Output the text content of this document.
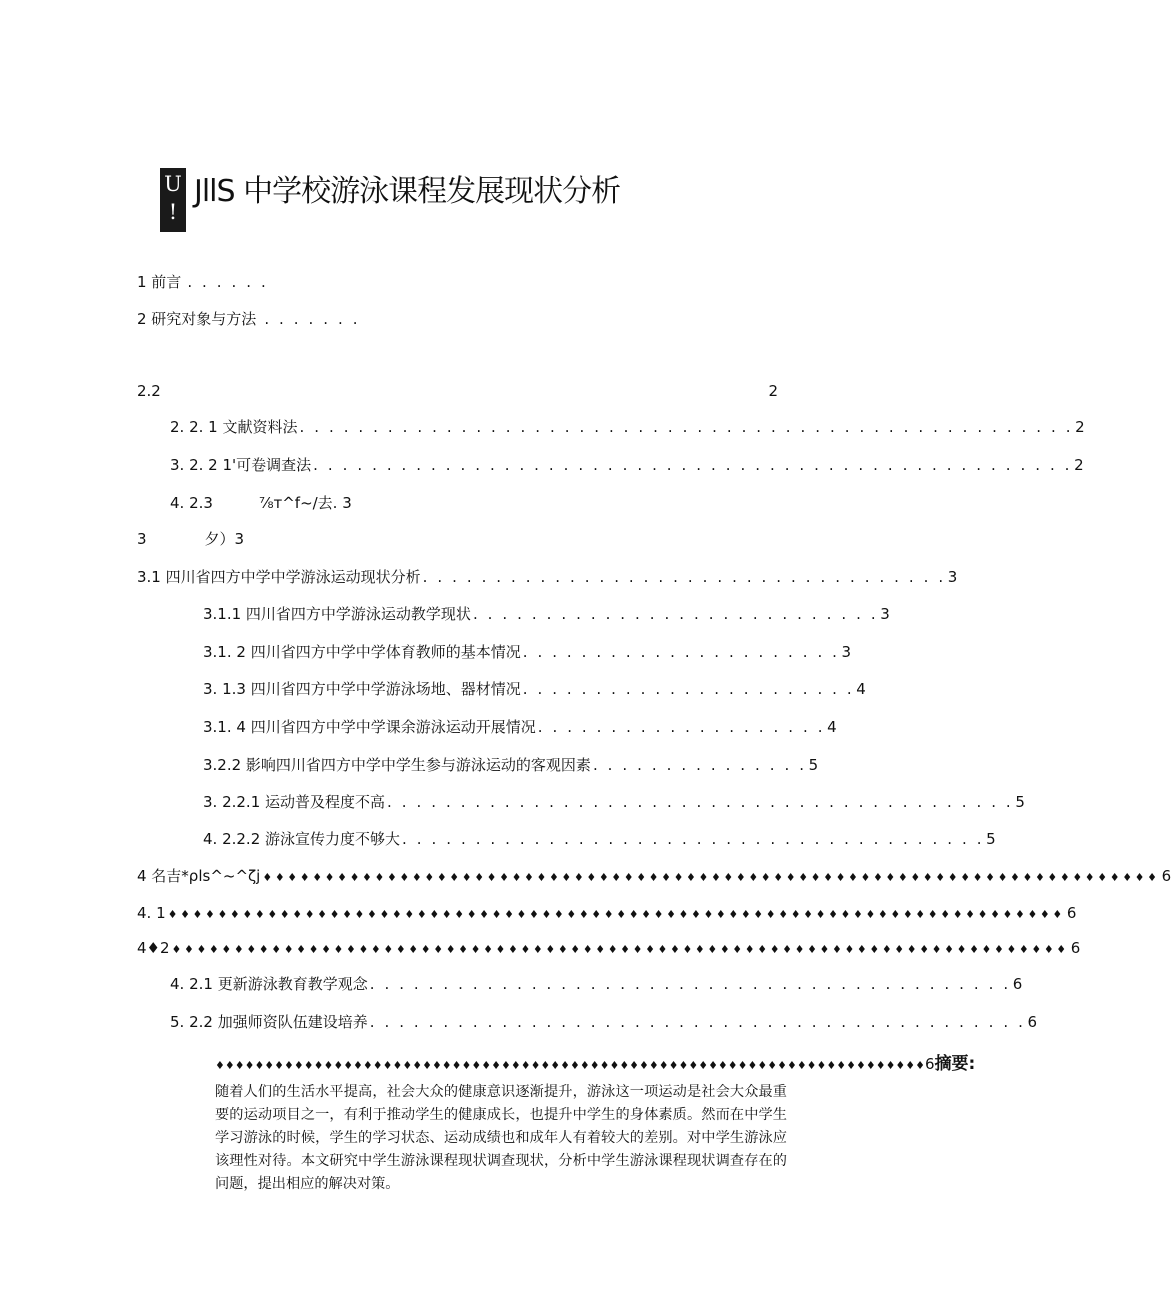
U
!
JllS 中学校游泳课程发展现状分析
1 前言 . . . . . .
2 研究对象与方法 . . . . . . .
2.2	2
2. 2. 1 文献资料法 . . . . . . . . . . . . . . . . . . . . . . . . . . . . . . . . . . . . . . . . . . . . . . . . . . . . . 2
3. 2. 2 1'可卷调查法 . . . . . . . . . . . . . . . . . . . . . . . . . . . . . . . . . . . . . . . . . . . . . . . . . . . . 2
4. 2.3	⅞т^f~/去. 3
3	夕）3
3.1 四川省四方中学中学游泳运动现状分析 . . . . . . . . . . . . . . . . . . . . . . . . . . . . . . . . . . . . 3
3.1.1 四川省四方中学游泳运动教学现状 . . . . . . . . . . . . . . . . . . . . . . . . . . . . 3
3.1. 2 四川省四方中学中学体育教师的基本情况 . . . . . . . . . . . . . . . . . . . . . . 3
3. 1.3 四川省四方中学中学游泳场地、器材情况 . . . . . . . . . . . . . . . . . . . . . . . 4
3.1. 4 四川省四方中学中学课余游泳运动开展情况 . . . . . . . . . . . . . . . . . . . . 4
3.2.2 影响四川省四方中学中学生参与游泳运动的客观因素 . . . . . . . . . . . . . . . 5
3. 2.2.1 运动普及程度不高 . . . . . . . . . . . . . . . . . . . . . . . . . . . . . . . . . . . . . . . . . . . 5
4. 2.2.2 游泳宣传力度不够大 . . . . . . . . . . . . . . . . . . . . . . . . . . . . . . . . . . . . . . . . 5
4 名吉*ρls^~^ζj ♦♦♦♦♦♦♦♦♦♦♦♦♦♦♦♦♦♦♦♦♦♦♦♦♦♦♦♦♦♦♦♦♦♦♦♦♦♦♦♦♦♦♦♦♦♦♦♦♦♦♦♦♦♦♦♦♦♦♦♦♦♦♦♦♦♦♦♦♦♦♦♦ 6
4. 1 ♦♦♦♦♦♦♦♦♦♦♦♦♦♦♦♦♦♦♦♦♦♦♦♦♦♦♦♦♦♦♦♦♦♦♦♦♦♦♦♦♦♦♦♦♦♦♦♦♦♦♦♦♦♦♦♦♦♦♦♦♦♦♦♦♦♦♦♦♦♦♦♦ 6
4♦2 ♦♦♦♦♦♦♦♦♦♦♦♦♦♦♦♦♦♦♦♦♦♦♦♦♦♦♦♦♦♦♦♦♦♦♦♦♦♦♦♦♦♦♦♦♦♦♦♦♦♦♦♦♦♦♦♦♦♦♦♦♦♦♦♦♦♦♦♦♦♦♦♦ 6
4. 2.1 更新游泳教育教学观念 . . . . . . . . . . . . . . . . . . . . . . . . . . . . . . . . . . . . . . . . . . . . 6
5. 2.2 加强师资队伍建设培养 . . . . . . . . . . . . . . . . . . . . . . . . . . . . . . . . . . . . . . . . . . . . . 6
♦♦♦♦♦♦♦♦♦♦♦♦♦♦♦♦♦♦♦♦♦♦♦♦♦♦♦♦♦♦♦♦♦♦♦♦♦♦♦♦♦♦♦♦♦♦♦♦♦♦♦♦♦♦♦♦♦♦♦♦♦♦♦♦♦♦♦♦♦♦♦♦ 6 摘要:
随着人们的生活水平提高，社会大众的健康意识逐渐提升，游泳这一项运动是社会大众最重要的运动项目之一，有利于推动学生的健康成长，也提升中学生的身体素质。然而在中学生学习游泳的时候，学生的学习状态、运动成绩也和成年人有着较大的差别。对中学生游泳应该理性对待。本文研究中学生游泳课程现状调查现状，分析中学生游泳课程现状调查存在的问题，提出相应的解决对策。
